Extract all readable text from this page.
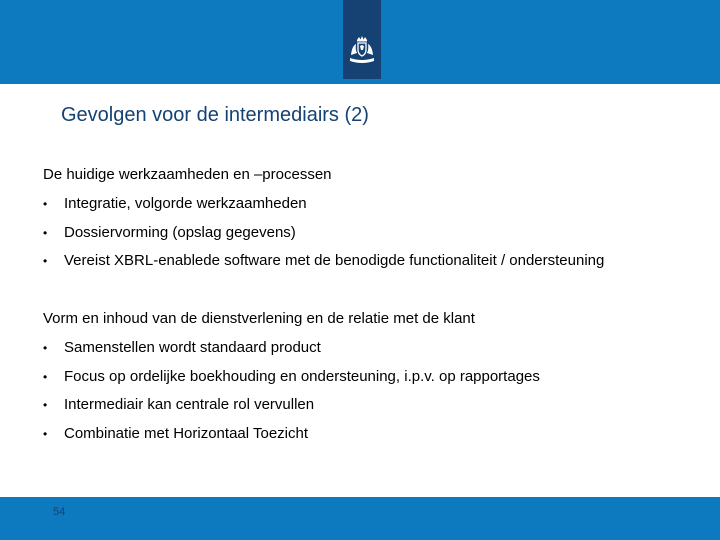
Gevolgen voor de intermediairs (2)
De huidige werkzaamheden en –processen
• Integratie, volgorde werkzaamheden
• Dossiervorming (opslag gegevens)
• Vereist XBRL-enablede software met de benodigde functionaliteit / ondersteuning
Vorm en inhoud van de dienstverlening en de relatie met de klant
• Samenstellen wordt standaard product
• Focus op ordelijke boekhouding en ondersteuning, i.p.v. op rapportages
• Intermediair kan centrale rol vervullen
• Combinatie met Horizontaal Toezicht
54
